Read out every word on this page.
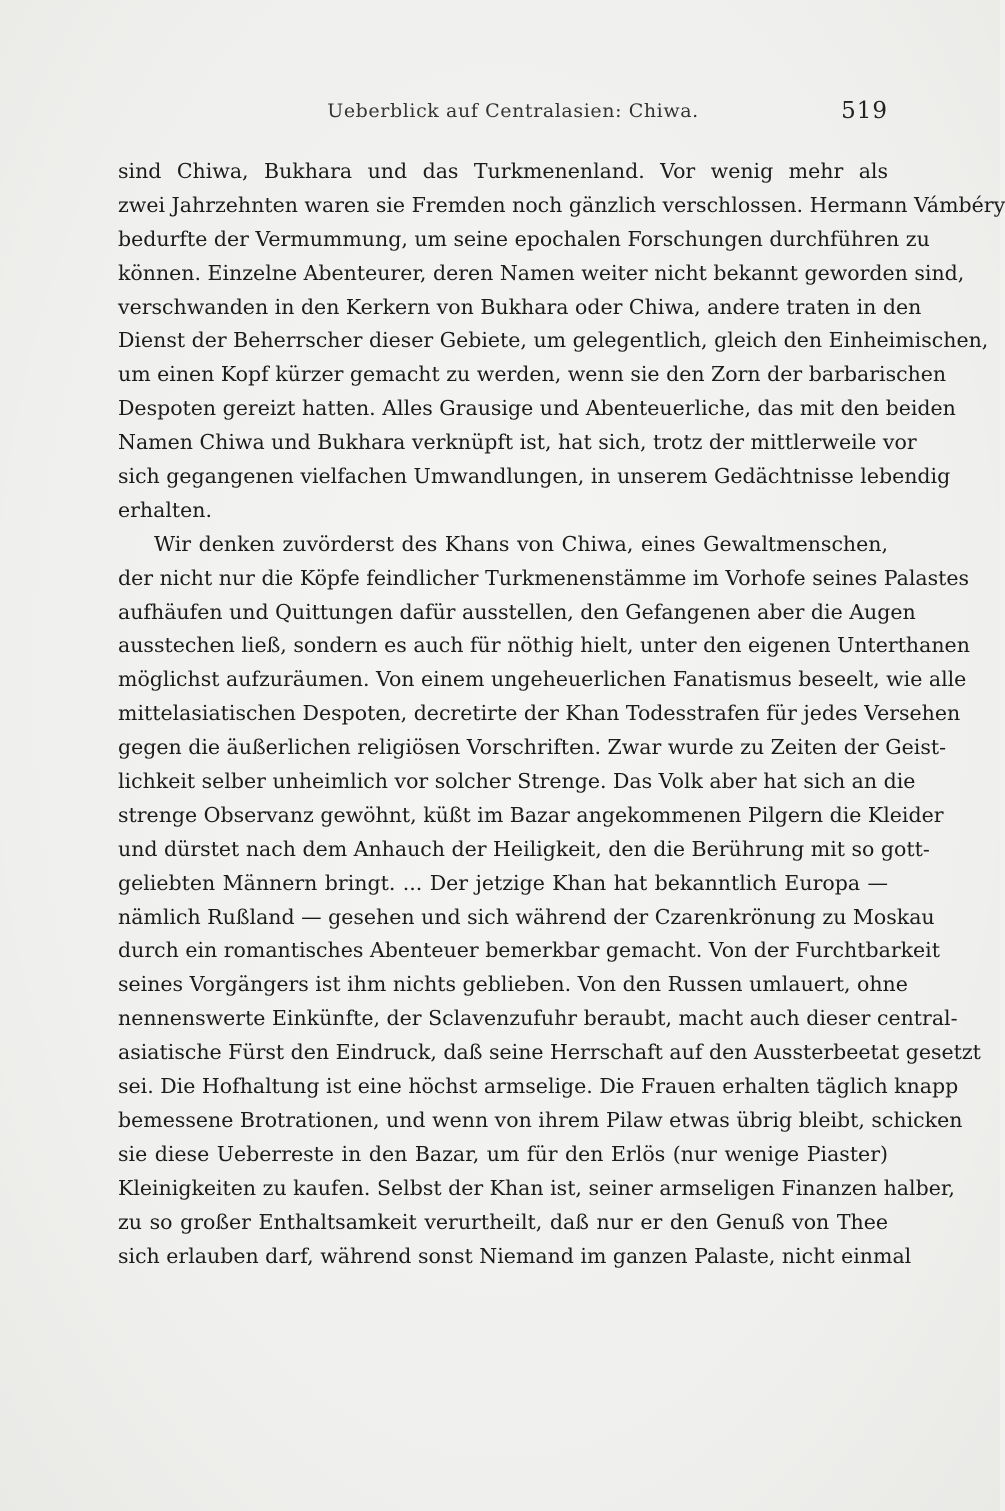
Ueberblick auf Centralasien: Chiwa.	519
sind Chiwa, Bukhara und das Turkmenenland. Vor wenig mehr als
zwei Jahrzehnten waren sie Fremden noch gänzlich verschlossen. Hermann Vámbéry
bedurfte der Vermummung, um seine epochalen Forschungen durchführen zu
können. Einzelne Abenteurer, deren Namen weiter nicht bekannt geworden sind,
verschwanden in den Kerkern von Bukhara oder Chiwa, andere traten in den
Dienst der Beherrscher dieser Gebiete, um gelegentlich, gleich den Einheimischen,
um einen Kopf kürzer gemacht zu werden, wenn sie den Zorn der barbarischen
Despoten gereizt hatten. Alles Grausige und Abenteuerliche, das mit den beiden
Namen Chiwa und Bukhara verknüpft ist, hat sich, trotz der mittlerweile vor
sich gegangenen vielfachen Umwandlungen, in unserem Gedächtnisse lebendig
erhalten.
Wir denken zuvörderst des Khans von Chiwa, eines Gewaltmenschen,
der nicht nur die Köpfe feindlicher Turkmenenstämme im Vorhofe seines Palastes
aufhäufen und Quittungen dafür ausstellen, den Gefangenen aber die Augen
ausstechen ließ, sondern es auch für nöthig hielt, unter den eigenen Unterthanen
möglichst aufzuräumen. Von einem ungeheuerlichen Fanatismus beseelt, wie alle
mittelasiatischen Despoten, decretirte der Khan Todesstrafen für jedes Versehen
gegen die äußerlichen religiösen Vorschriften. Zwar wurde zu Zeiten der Geist-
lichkeit selber unheimlich vor solcher Strenge. Das Volk aber hat sich an die
strenge Observanz gewöhnt, küßt im Bazar angekommenen Pilgern die Kleider
und dürstet nach dem Anhauch der Heiligkeit, den die Berührung mit so gott-
geliebten Männern bringt. ... Der jetzige Khan hat bekanntlich Europa —
nämlich Rußland — gesehen und sich während der Czarenkrönung zu Moskau
durch ein romantisches Abenteuer bemerkbar gemacht. Von der Furchtbarkeit
seines Vorgängers ist ihm nichts geblieben. Von den Russen umlauert, ohne
nennenswerte Einkünfte, der Sclavenzufuhr beraubt, macht auch dieser central-
asiatische Fürst den Eindruck, daß seine Herrschaft auf den Aussterbeetat gesetzt
sei. Die Hofhaltung ist eine höchst armselige. Die Frauen erhalten täglich knapp
bemessene Brotrationen, und wenn von ihrem Pilaw etwas übrig bleibt, schicken
sie diese Ueberreste in den Bazar, um für den Erlös (nur wenige Piaster)
Kleinigkeiten zu kaufen. Selbst der Khan ist, seiner armseligen Finanzen halber,
zu so großer Enthaltsamkeit verurtheilt, daß nur er den Genuß von Thee
sich erlauben darf, während sonst Niemand im ganzen Palaste, nicht einmal
